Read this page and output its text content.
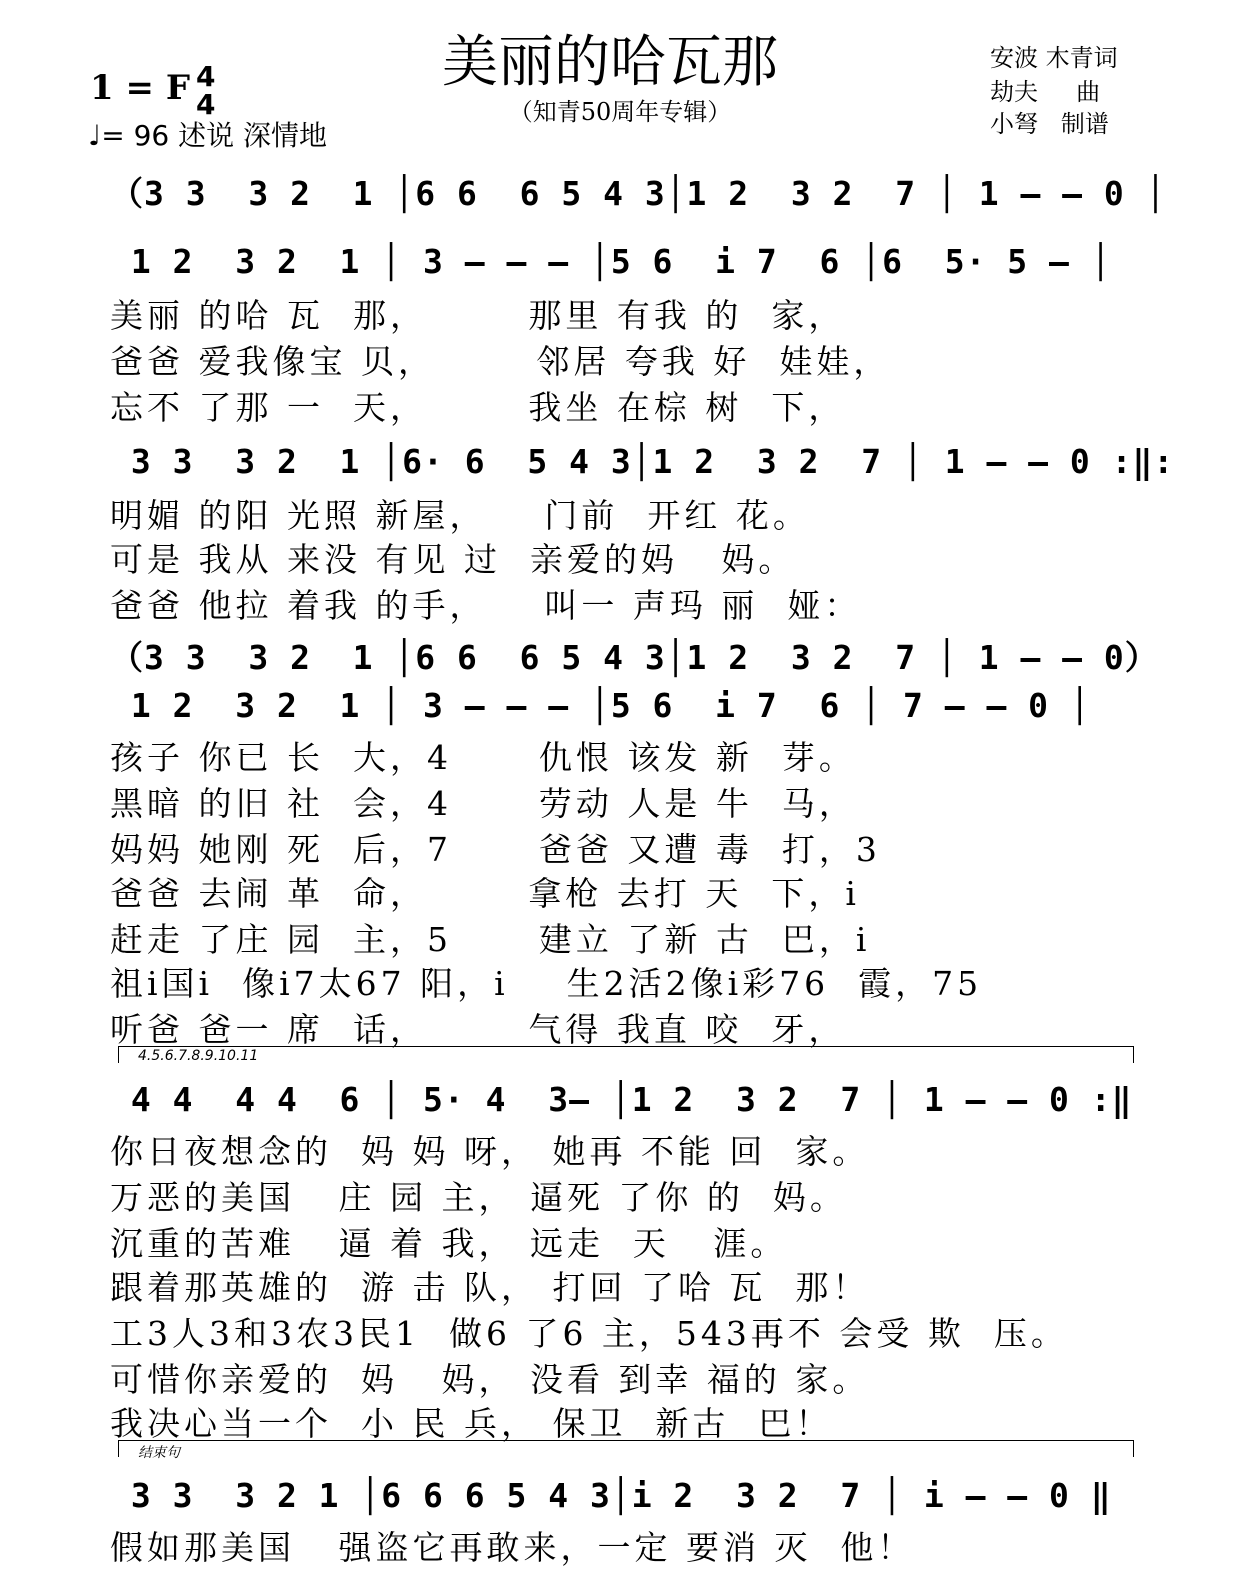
美丽的哈瓦那
（知青50周年专辑）
安波 木青词
劫夫     曲
小弩   制谱
1 = F 4
4
♩= 96 述说 深情地
（3 3  3 2  1 │6 6  6 5 4 3│1 2  3 2  7 │ 1 – – 0 │
1 2  3 2  1 │ 3 – – – │5 6  i 7  6 │6  5· 5 – │
美丽 的哈 瓦  那，       那里 有我 的  家，
爸爸 爱我像宝 贝，       邻居 夸我 好  娃娃，
忘不 了那 一  天，       我坐 在棕 树  下，
3 3  3 2  1 │6· 6  5 4 3│1 2  3 2  7 │ 1 – – 0 :‖:
明媚 的阳 光照 新屋，    门前  开红 花。
可是 我从 来没 有见 过  亲爱的妈   妈。
爸爸 他拉 着我 的手，    叫一 声玛 丽  娅：
（3 3  3 2  1 │6 6  6 5 4 3│1 2  3 2  7 │ 1 – – 0）
1 2  3 2  1 │ 3 – – – │5 6  i 7  6 │ 7 – – 0 │
孩子 你已 长  大，4      仇恨 该发 新  芽。
黑暗 的旧 社  会，4      劳动 人是 牛  马，
妈妈 她刚 死  后，7      爸爸 又遭 毒  打，3
爸爸 去闹 革  命，       拿枪 去打 天  下，i
赶走 了庄 园  主，5      建立 了新 古  巴，i
祖i国i  像i7太67 阳，i    生2活2像i彩76  霞，75
听爸 爸一 席  话，       气得 我直 咬  牙，
4.5.6.7.8.9.10.11
4 4  4 4  6 │ 5· 4  3– │1 2  3 2  7 │ 1 – – 0 :‖
你日夜想念的  妈 妈 呀， 她再 不能 回  家。
万恶的美国   庄 园 主， 逼死 了你 的  妈。
沉重的苦难   逼 着 我， 远走  天   涯。
跟着那英雄的  游 击 队， 打回 了哈 瓦  那！
工3人3和3农3民1  做6 了6 主，543再不 会受 欺  压。
可惜你亲爱的  妈   妈， 没看 到幸 福的 家。
我决心当一个  小 民 兵， 保卫  新古  巴！
结束句
3 3  3 2 1 │6 6 6 5 4 3│i 2  3 2  7 │ i – – 0 ‖
假如那美国   强盗它再敢来，一定 要消 灭  他！
